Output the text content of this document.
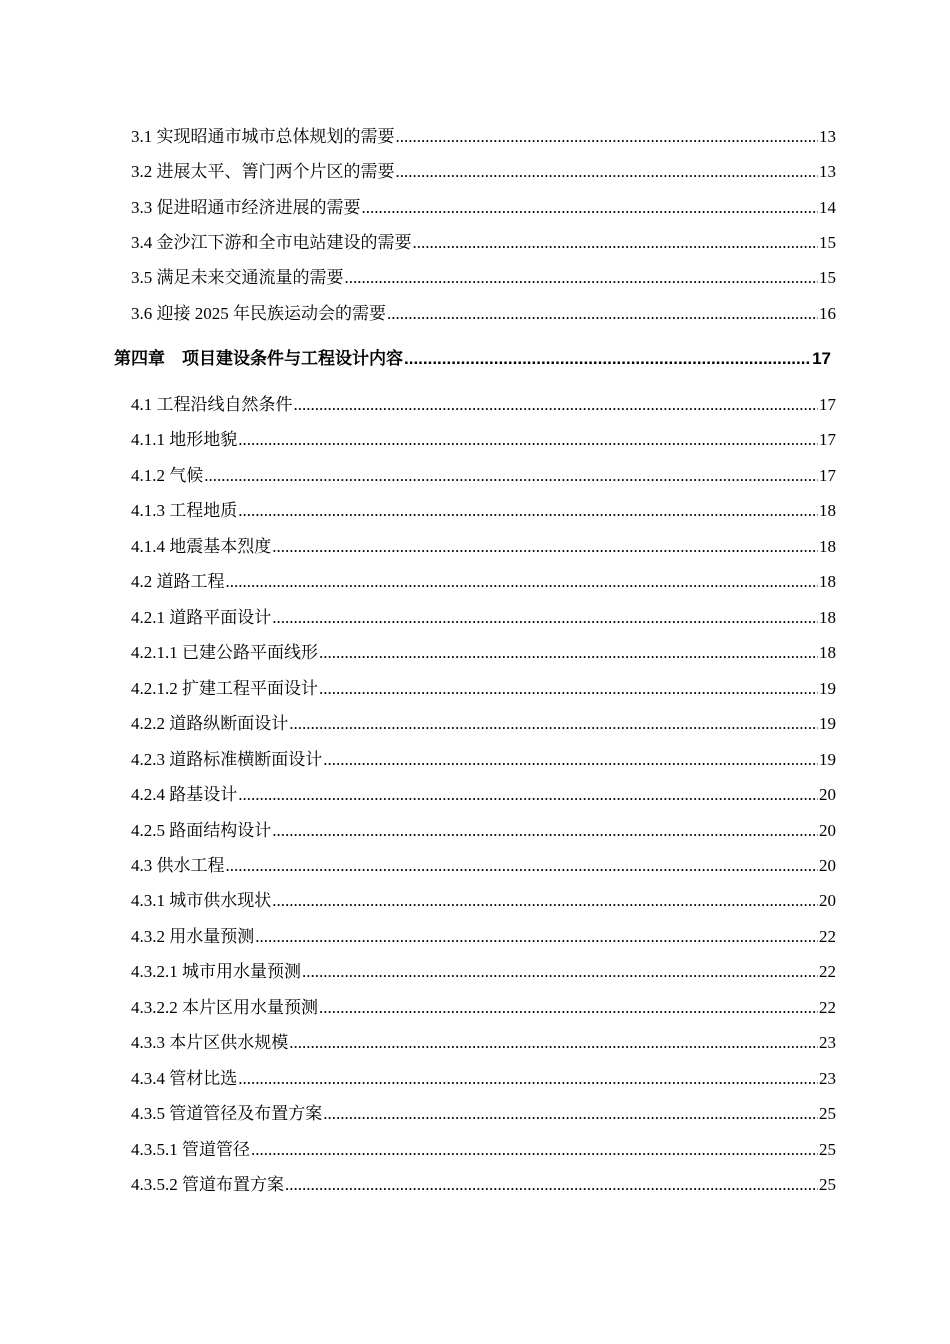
3.1 实现昭通市城市总体规划的需要 .....	13
3.2 进展太平、箐门两个片区的需要 .....	13
3.3 促进昭通市经济进展的需要 .....	14
3.4 金沙江下游和全市电站建设的需要 .....	15
3.5 满足未来交通流量的需要 .....	15
3.6 迎接 2025 年民族运动会的需要 .....	16
第四章　项目建设条件与工程设计内容 .....	17
4.1 工程沿线自然条件 .....	17
4.1.1 地形地貌 .....	17
4.1.2 气候 .....	17
4.1.3 工程地质 .....	18
4.1.4 地震基本烈度 .....	18
4.2 道路工程 .....	18
4.2.1 道路平面设计 .....	18
4.2.1.1 已建公路平面线形 .....	18
4.2.1.2 扩建工程平面设计 .....	19
4.2.2 道路纵断面设计 .....	19
4.2.3 道路标准横断面设计 .....	19
4.2.4 路基设计 .....	20
4.2.5 路面结构设计 .....	20
4.3 供水工程 .....	20
4.3.1 城市供水现状 .....	20
4.3.2 用水量预测 .....	22
4.3.2.1 城市用水量预测 .....	22
4.3.2.2 本片区用水量预测 .....	22
4.3.3 本片区供水规模 .....	23
4.3.4 管材比选 .....	23
4.3.5 管道管径及布置方案 .....	25
4.3.5.1 管道管径 .....	25
4.3.5.2 管道布置方案 .....	25
